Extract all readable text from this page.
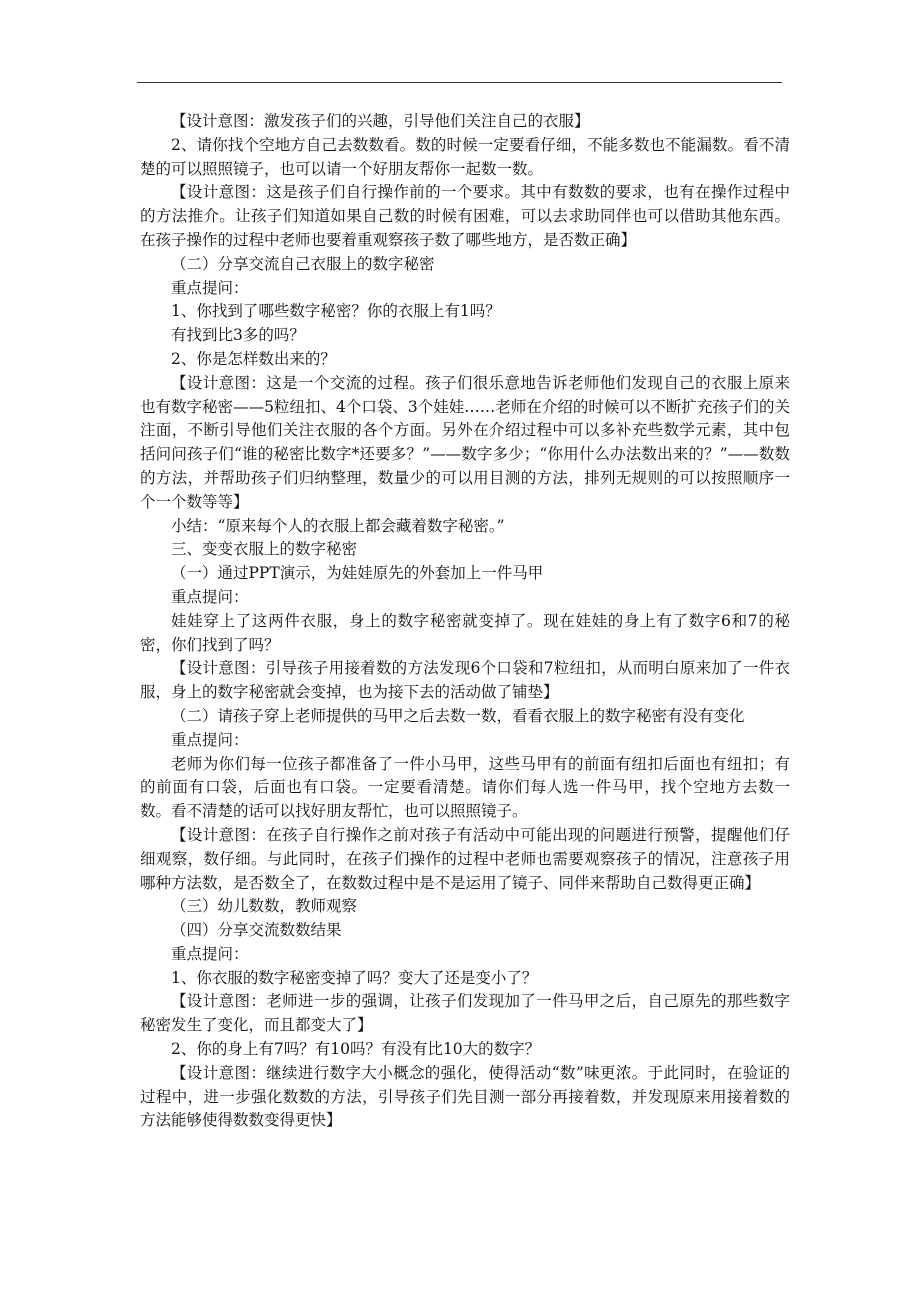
【设计意图：激发孩子们的兴趣，引导他们关注自己的衣服】

2、请你找个空地方自己去数数看。数的时候一定要看仔细，不能多数也不能漏数。看不清楚的可以照照镜子，也可以请一个好朋友帮你一起数一数。

【设计意图：这是孩子们自行操作前的一个要求。其中有数数的要求，也有在操作过程中的方法推介。让孩子们知道如果自己数的时候有困难，可以去求助同伴也可以借助其他东西。在孩子操作的过程中老师也要着重观察孩子数了哪些地方，是否数正确】

（二）分享交流自己衣服上的数字秘密

重点提问：

1、你找到了哪些数字秘密？你的衣服上有1吗？

有找到比3多的吗？

2、你是怎样数出来的？

【设计意图：这是一个交流的过程。孩子们很乐意地告诉老师他们发现自己的衣服上原来也有数字秘密——5粒纽扣、4个口袋、3个娃娃……老师在介绍的时候可以不断扩充孩子们的关注面，不断引导他们关注衣服的各个方面。另外在介绍过程中可以多补充些数学元素，其中包括问问孩子们“谁的秘密比数字*还要多？”——数字多少；“你用什么办法数出来的？”——数数的方法，并帮助孩子们归纳整理，数量少的可以用目测的方法，排列无规则的可以按照顺序一个一个数等等】

小结：“原来每个人的衣服上都会藏着数字秘密。”

三、变变衣服上的数字秘密

（一）通过PPT演示，为娃娃原先的外套加上一件马甲

重点提问：

娃娃穿上了这两件衣服，身上的数字秘密就变掉了。现在娃娃的身上有了数字6和7的秘密，你们找到了吗？

【设计意图：引导孩子用接着数的方法发现6个口袋和7粒纽扣，从而明白原来加了一件衣服，身上的数字秘密就会变掉，也为接下去的活动做了铺垫】

（二）请孩子穿上老师提供的马甲之后去数一数，看看衣服上的数字秘密有没有变化

重点提问：

老师为你们每一位孩子都准备了一件小马甲，这些马甲有的前面有纽扣后面也有纽扣；有的前面有口袋，后面也有口袋。一定要看清楚。请你们每人选一件马甲，找个空地方去数一数。看不清楚的话可以找好朋友帮忙，也可以照照镜子。

【设计意图：在孩子自行操作之前对孩子有活动中可能出现的问题进行预警，提醒他们仔细观察，数仔细。与此同时，在孩子们操作的过程中老师也需要观察孩子的情况，注意孩子用哪种方法数，是否数全了，在数数过程中是不是运用了镜子、同伴来帮助自己数得更正确】

（三）幼儿数数，教师观察

（四）分享交流数数结果

重点提问：

1、你衣服的数字秘密变掉了吗？变大了还是变小了？

【设计意图：老师进一步的强调，让孩子们发现加了一件马甲之后，自己原先的那些数字秘密发生了变化，而且都变大了】

2、你的身上有7吗？有10吗？有没有比10大的数字？

【设计意图：继续进行数字大小概念的强化，使得活动“数”味更浓。于此同时，在验证的过程中，进一步强化数数的方法，引导孩子们先目测一部分再接着数，并发现原来用接着数的方法能够使得数数变得更快】
